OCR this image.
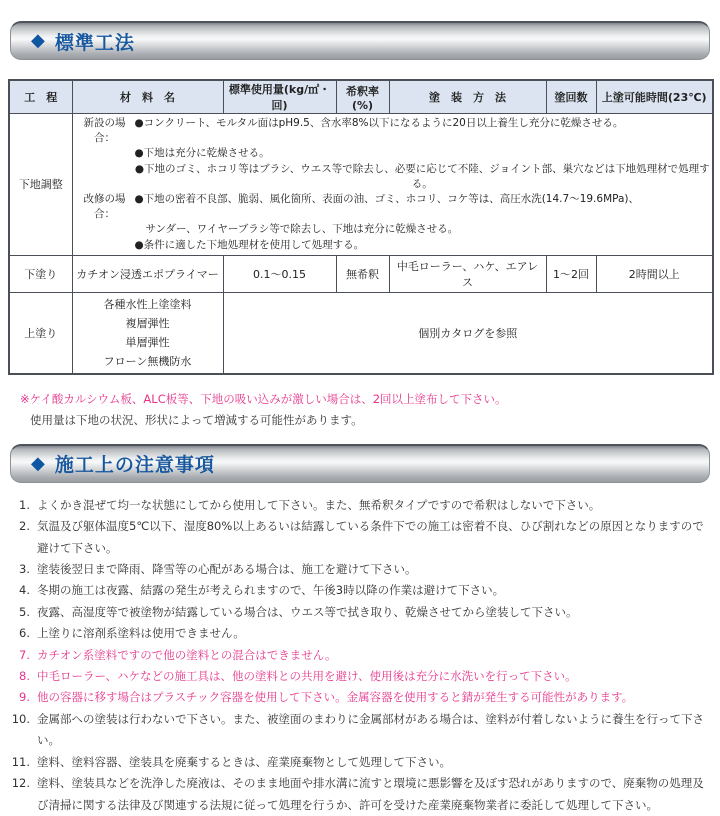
◆ 標準工法
工　程	材　料　名	標準使用量(kg/㎡・回)	希釈率(%)	塗　装　方　法	塗回数	上塗可能時間(23℃)
下地調整	
新設の場合：
●コンクリート、モルタル面はpH9.5、含水率8%以下になるように20日以上養生し充分に乾燥させる。
●下地は充分に乾燥させる。
●下地のゴミ、ホコリ等はブラシ、ウエス等で除去し、必要に応じて不陸、ジョイント部、巣穴などは下地処理材で処理する。
改修の場合：
●下地の密着不良部、脆弱、風化箇所、表面の油、ゴミ、ホコリ、コケ等は、高圧水洗(14.7〜19.6MPa)、
サンダー、ワイヤーブラシ等で除去し、下地は充分に乾燥させる。
●条件に適した下地処理材を使用して処理する。

下塗り	カチオン浸透エポプライマー	0.1〜0.15	無希釈	中毛ローラー、ハケ、エアレス	1〜2回	2時間以上
上塗り	各種水性上塗塗料
複層弾性
単層弾性
フローン無機防水	個別カタログを参照				

※ケイ酸カルシウム板、ALC板等、下地の吸い込みが激しい場合は、2回以上塗布して下さい。

使用量は下地の状況、形状によって増減する可能性があります。

◆ 施工上の注意事項
1. よくかき混ぜて均一な状態にしてから使用して下さい。また、無希釈タイプですので希釈はしないで下さい。
2. 気温及び躯体温度5℃以下、湿度80%以上あるいは結露している条件下での施工は密着不良、ひび割れなどの原因となりますので避けて下さい。
3. 塗装後翌日まで降雨、降雪等の心配がある場合は、施工を避けて下さい。
4. 冬期の施工は夜露、結露の発生が考えられますので、午後3時以降の作業は避けて下さい。
5. 夜露、高湿度等で被塗物が結露している場合は、ウエス等で拭き取り、乾燥させてから塗装して下さい。
6. 上塗りに溶剤系塗料は使用できません。
7. カチオン系塗料ですので他の塗料との混合はできません。
8. 中毛ローラー、ハケなどの施工具は、他の塗料との共用を避け、使用後は充分に水洗いを行って下さい。
9. 他の容器に移す場合はプラスチック容器を使用して下さい。金属容器を使用すると錆が発生する可能性があります。
10. 金属部への塗装は行わないで下さい。また、被塗面のまわりに金属部材がある場合は、塗料が付着しないように養生を行って下さい。
11. 塗料、塗料容器、塗装具を廃棄するときは、産業廃棄物として処理して下さい。
12. 塗料、塗装具などを洗浄した廃液は、そのまま地面や排水溝に流すと環境に悪影響を及ぼす恐れがありますので、廃棄物の処理及び清掃に関する法律及び関連する法規に従って処理を行うか、許可を受けた産業廃棄物業者に委託して処理して下さい。
